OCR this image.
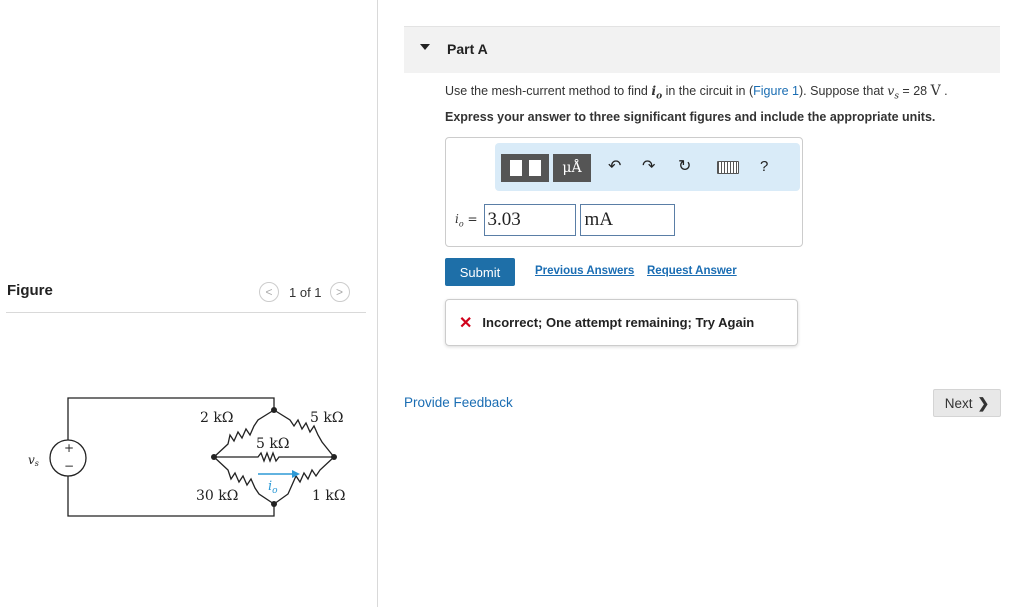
Figure	<	1 of 1	>
+
−
vs
2 kΩ	5 kΩ
5 kΩ
30 kΩ	1 kΩ
$i_o$
Part A
Use the mesh-current method to find $i_o$ in the circuit in (Figure 1). Suppose that $v_s = 28$ V .
Express your answer to three significant figures and include the appropriate units.
μÅ	↶ ↷ ↻	?
$i_o = 3.03$	mA
Submit	Previous Answers Request Answer
✕ Incorrect; One attempt remaining; Try Again
Provide Feedback	Next ❯
